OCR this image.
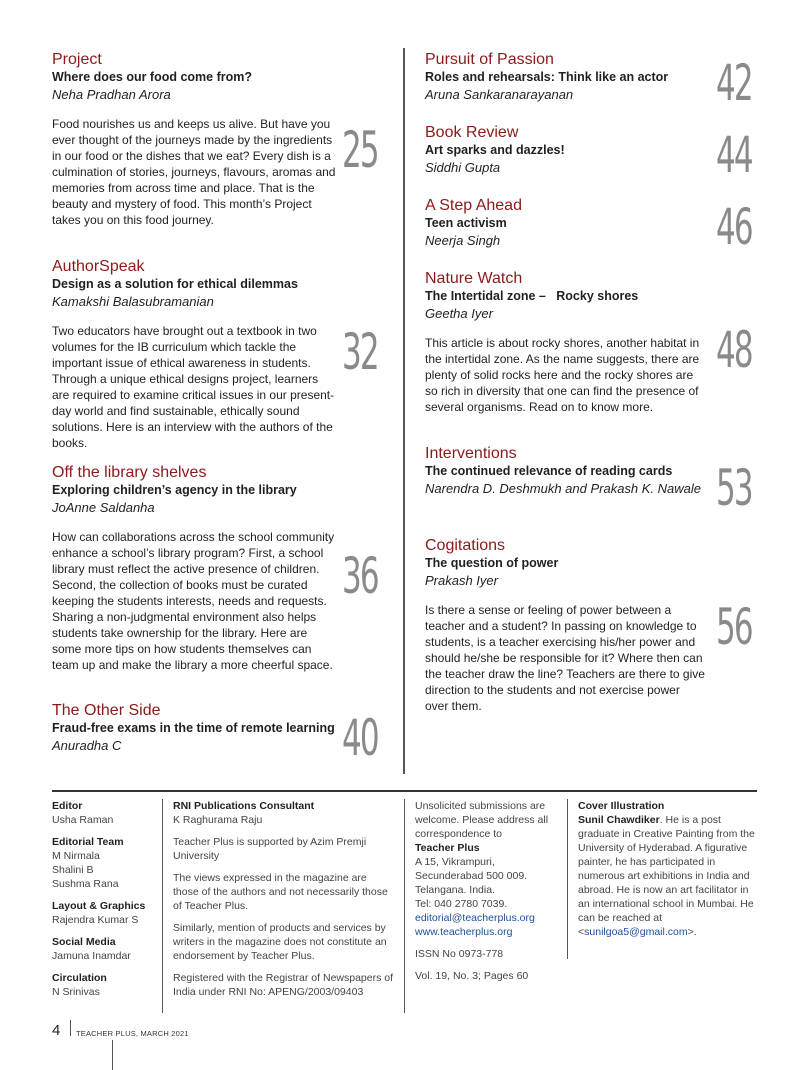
Project
Where does our food come from?
Neha Pradhan Arora
Food nourishes us and keeps us alive. But have you ever thought of the journeys made by the ingredients in our food or the dishes that we eat? Every dish is a culmination of stories, journeys, flavours, aromas and memories from across time and place. That is the beauty and mystery of food. This month’s Project takes you on this food journey.
25
AuthorSpeak
Design as a solution for ethical dilemmas
Kamakshi Balasubramanian
Two educators have brought out a textbook in two volumes for the IB curriculum which tackle the important issue of ethical awareness in students. Through a unique ethical designs project, learners are required to examine critical issues in our present-day world and find sustainable, ethically sound solutions. Here is an interview with the authors of the books.
32
Off the library shelves
Exploring children’s agency in the library
JoAnne Saldanha
How can collaborations across the school community enhance a school’s library program? First, a school library must reflect the active presence of children. Second, the collection of books must be curated keeping the students interests, needs and requests. Sharing a non-judgmental environment also helps students take ownership for the library. Here are some more tips on how students themselves can team up and make the library a more cheerful space.
36
The Other Side
Fraud-free exams in the time of remote learning
Anuradha C	40
Pursuit of Passion
Roles and rehearsals: Think like an actor
Aruna Sankaranarayanan	42
Book Review
Art sparks and dazzles!
Siddhi Gupta	44
A Step Ahead
Teen activism
Neerja Singh	46
Nature Watch
The Intertidal zone –   Rocky shores
Geetha Iyer
This article is about rocky shores, another habitat in the intertidal zone. As the name suggests, there are plenty of solid rocks here and the rocky shores are so rich in diversity that one can find the presence of several organisms. Read on to know more.
48
Interventions
The continued relevance of reading cards
Narendra D. Deshmukh and Prakash K. Nawale 53
Cogitations
The question of power
Prakash Iyer
Is there a sense or feeling of power between a teacher and a student? In passing on knowledge to students, is a teacher exercising his/her power and should he/she be responsible for it? Where then can the teacher draw the line? Teachers are there to give direction to the students and not exercise power over them.
56
Editor
Usha Raman
Editorial Team
M Nirmala
Shalini B
Sushma Rana
Layout & Graphics
Rajendra Kumar S
Social Media
Jamuna Inamdar
Circulation
N Srinivas
RNI Publications Consultant
K Raghurama Raju
Teacher Plus is supported by Azim Premji University
The views expressed in the magazine are those of the authors and not necessarily those of Teacher Plus.
Similarly, mention of products and services by writers in the magazine does not constitute an endorsement by Teacher Plus.
Registered with the Registrar of Newspapers of India under RNI No: APENG/2003/09403
Unsolicited submissions are welcome. Please address all correspondence to
Teacher Plus
A 15, Vikrampuri,
Secunderabad 500 009.
Telangana. India.
Tel: 040 2780 7039.
editorial@teacherplus.org
www.teacherplus.org
ISSN No 0973-778
Vol. 19, No. 3; Pages 60
Cover Illustration
Sunil Chawdiker. He is a post graduate in Creative Painting from the University of Hyderabad. A figurative painter, he has participated in numerous art exhibitions in India and abroad. He is now an art facilitator in an international school in Mumbai. He can be reached at <sunilgoa5@gmail.com>.
4 TEACHER PLUS, MARCH 2021
